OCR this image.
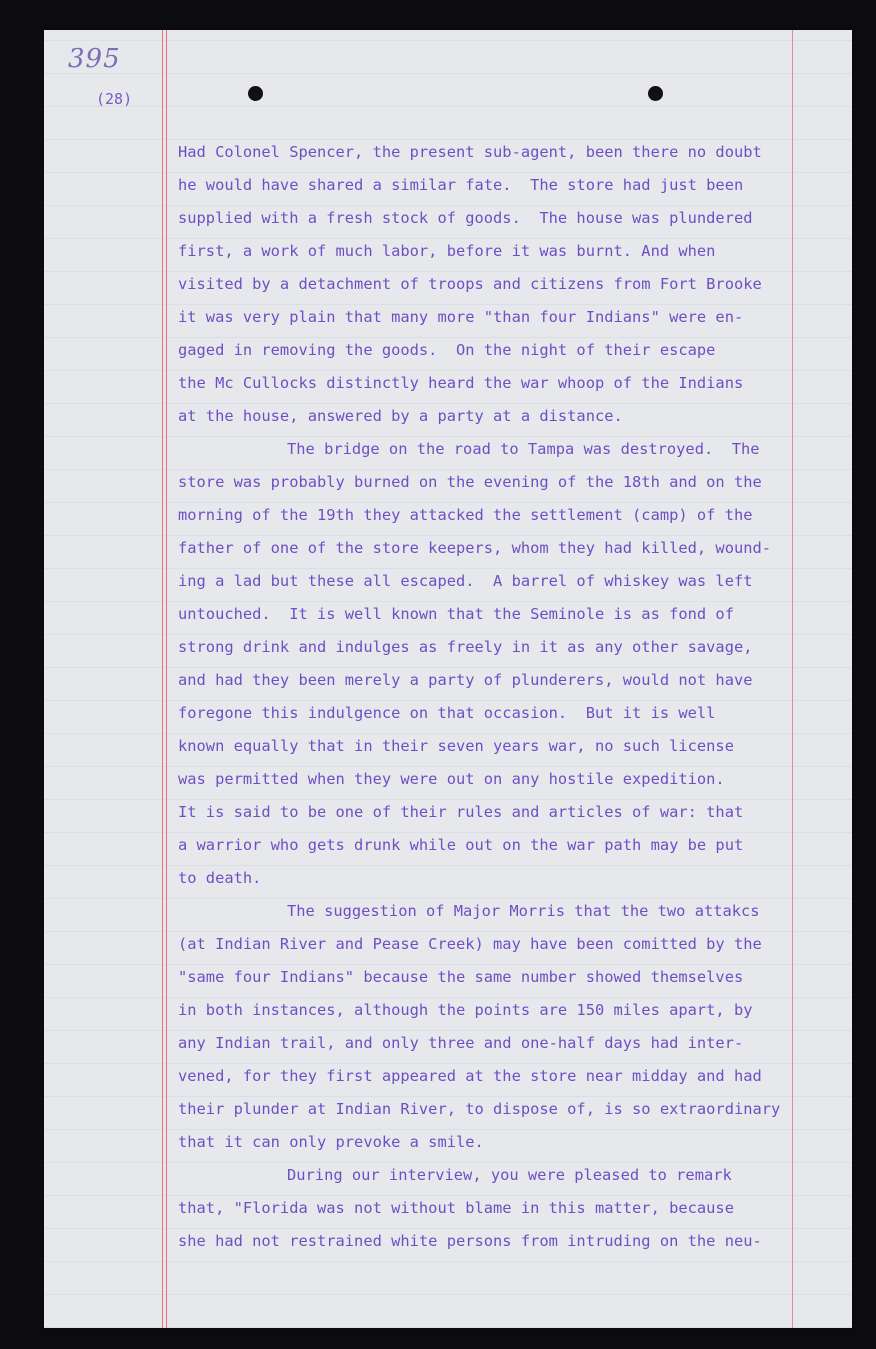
395
(28)
Had Colonel Spencer, the present sub-agent, been there no doubt
he would have shared a similar fate.  The store had just been
supplied with a fresh stock of goods.  The house was plundered
first, a work of much labor, before it was burnt. And when
visited by a detachment of troops and citizens from Fort Brooke
it was very plain that many more "than four Indians" were en-
gaged in removing the goods.  On the night of their escape
the Mc Cullocks distinctly heard the war whoop of the Indians
at the house, answered by a party at a distance.
The bridge on the road to Tampa was destroyed.  The
store was probably burned on the evening of the 18th and on the
morning of the 19th they attacked the settlement (camp) of the
father of one of the store keepers, whom they had killed, wound-
ing a lad but these all escaped.  A barrel of whiskey was left
untouched.  It is well known that the Seminole is as fond of
strong drink and indulges as freely in it as any other savage,
and had they been merely a party of plunderers, would not have
foregone this indulgence on that occasion.  But it is well
known equally that in their seven years war, no such license
was permitted when they were out on any hostile expedition.
It is said to be one of their rules and articles of war: that
a warrior who gets drunk while out on the war path may be put
to death.
The suggestion of Major Morris that the two attakcs
(at Indian River and Pease Creek) may have been comitted by the
"same four Indians" because the same number showed themselves
in both instances, although the points are 150 miles apart, by
any Indian trail, and only three and one-half days had inter-
vened, for they first appeared at the store near midday and had
their plunder at Indian River, to dispose of, is so extraordinary
that it can only prevoke a smile.
During our interview, you were pleased to remark
that, "Florida was not without blame in this matter, because
she had not restrained white persons from intruding on the neu-
